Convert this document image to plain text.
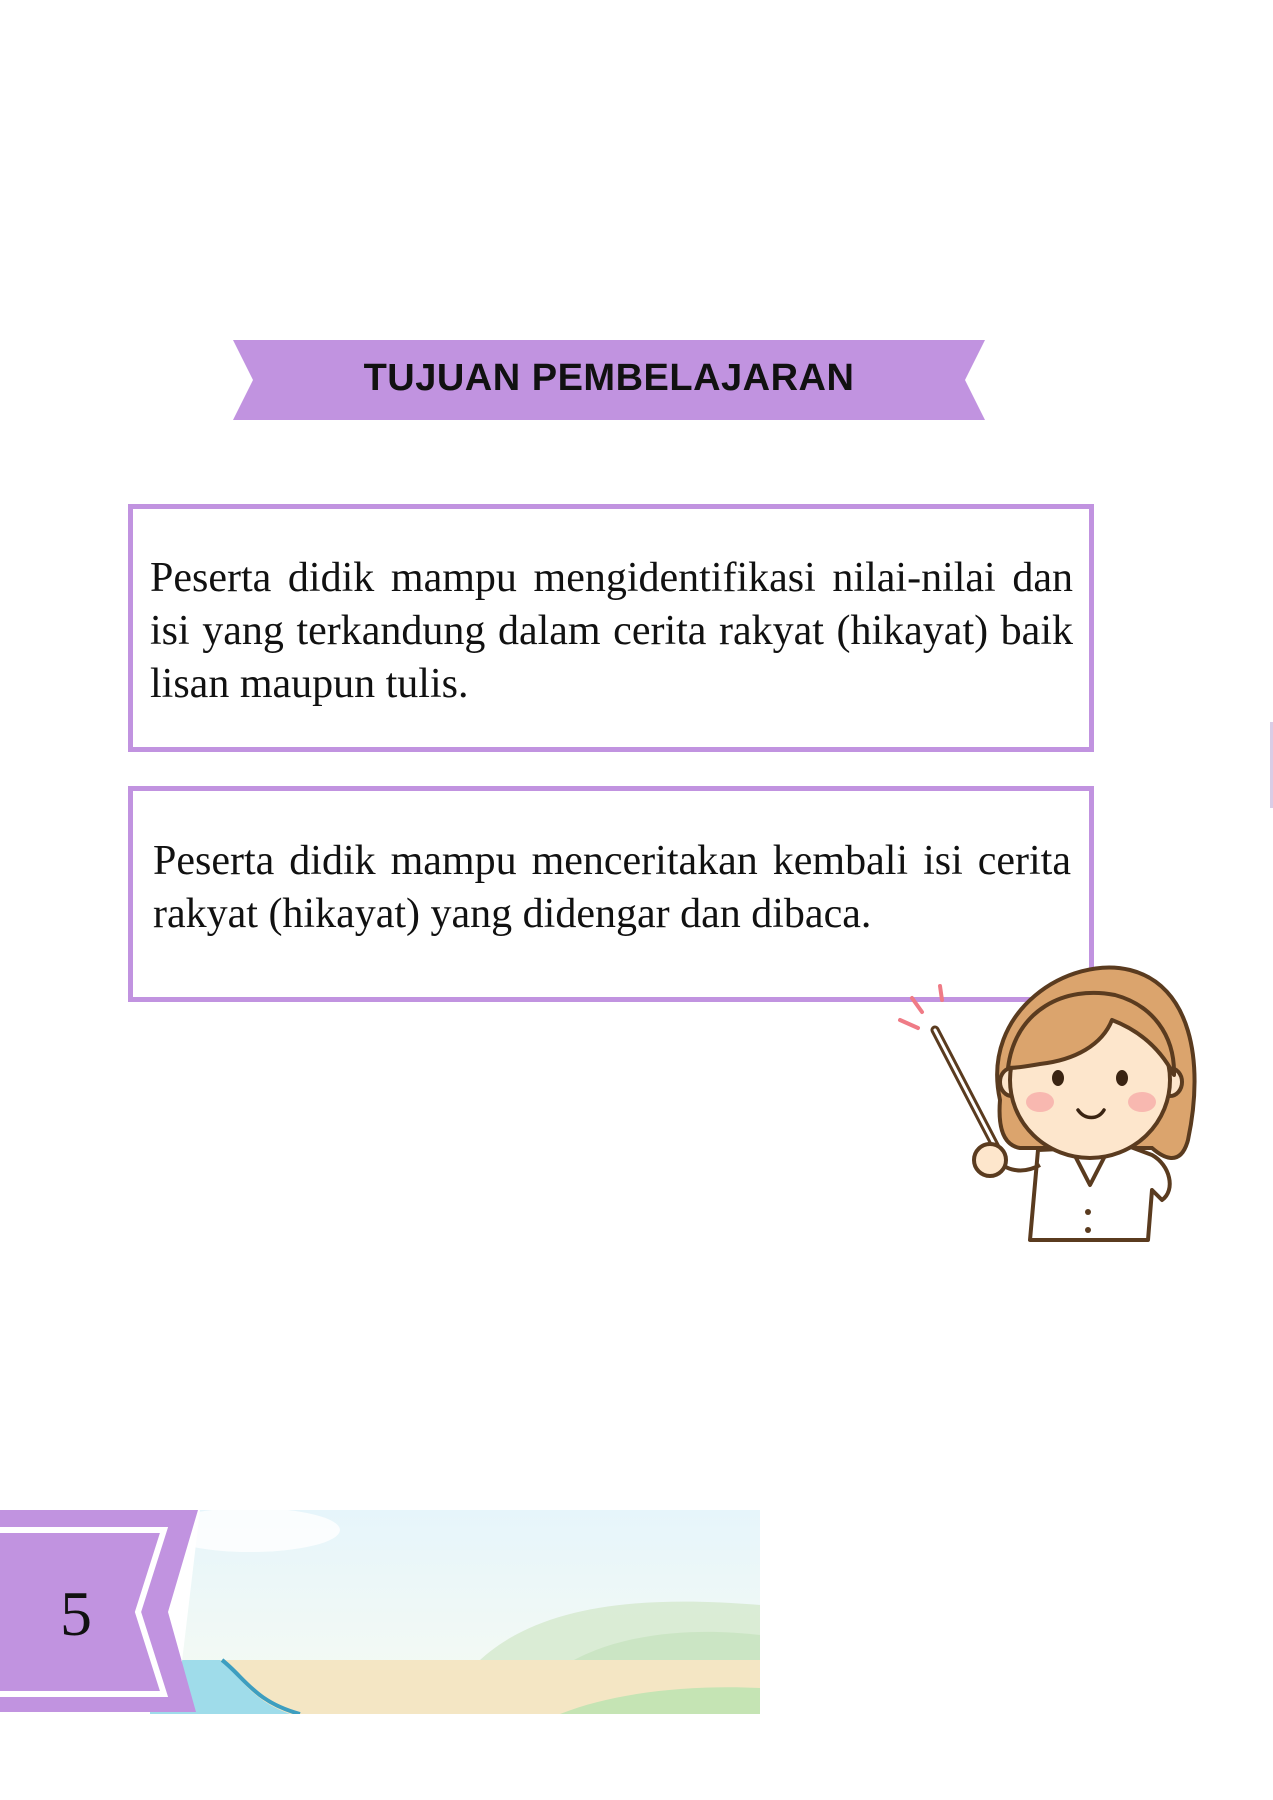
TUJUAN PEMBELAJARAN

Peserta didik mampu mengidentifikasi nilai-nilai dan isi yang terkandung dalam cerita rakyat (hikayat) baik lisan maupun tulis.

Peserta didik mampu menceritakan kembali isi cerita rakyat (hikayat) yang didengar dan dibaca.

5
